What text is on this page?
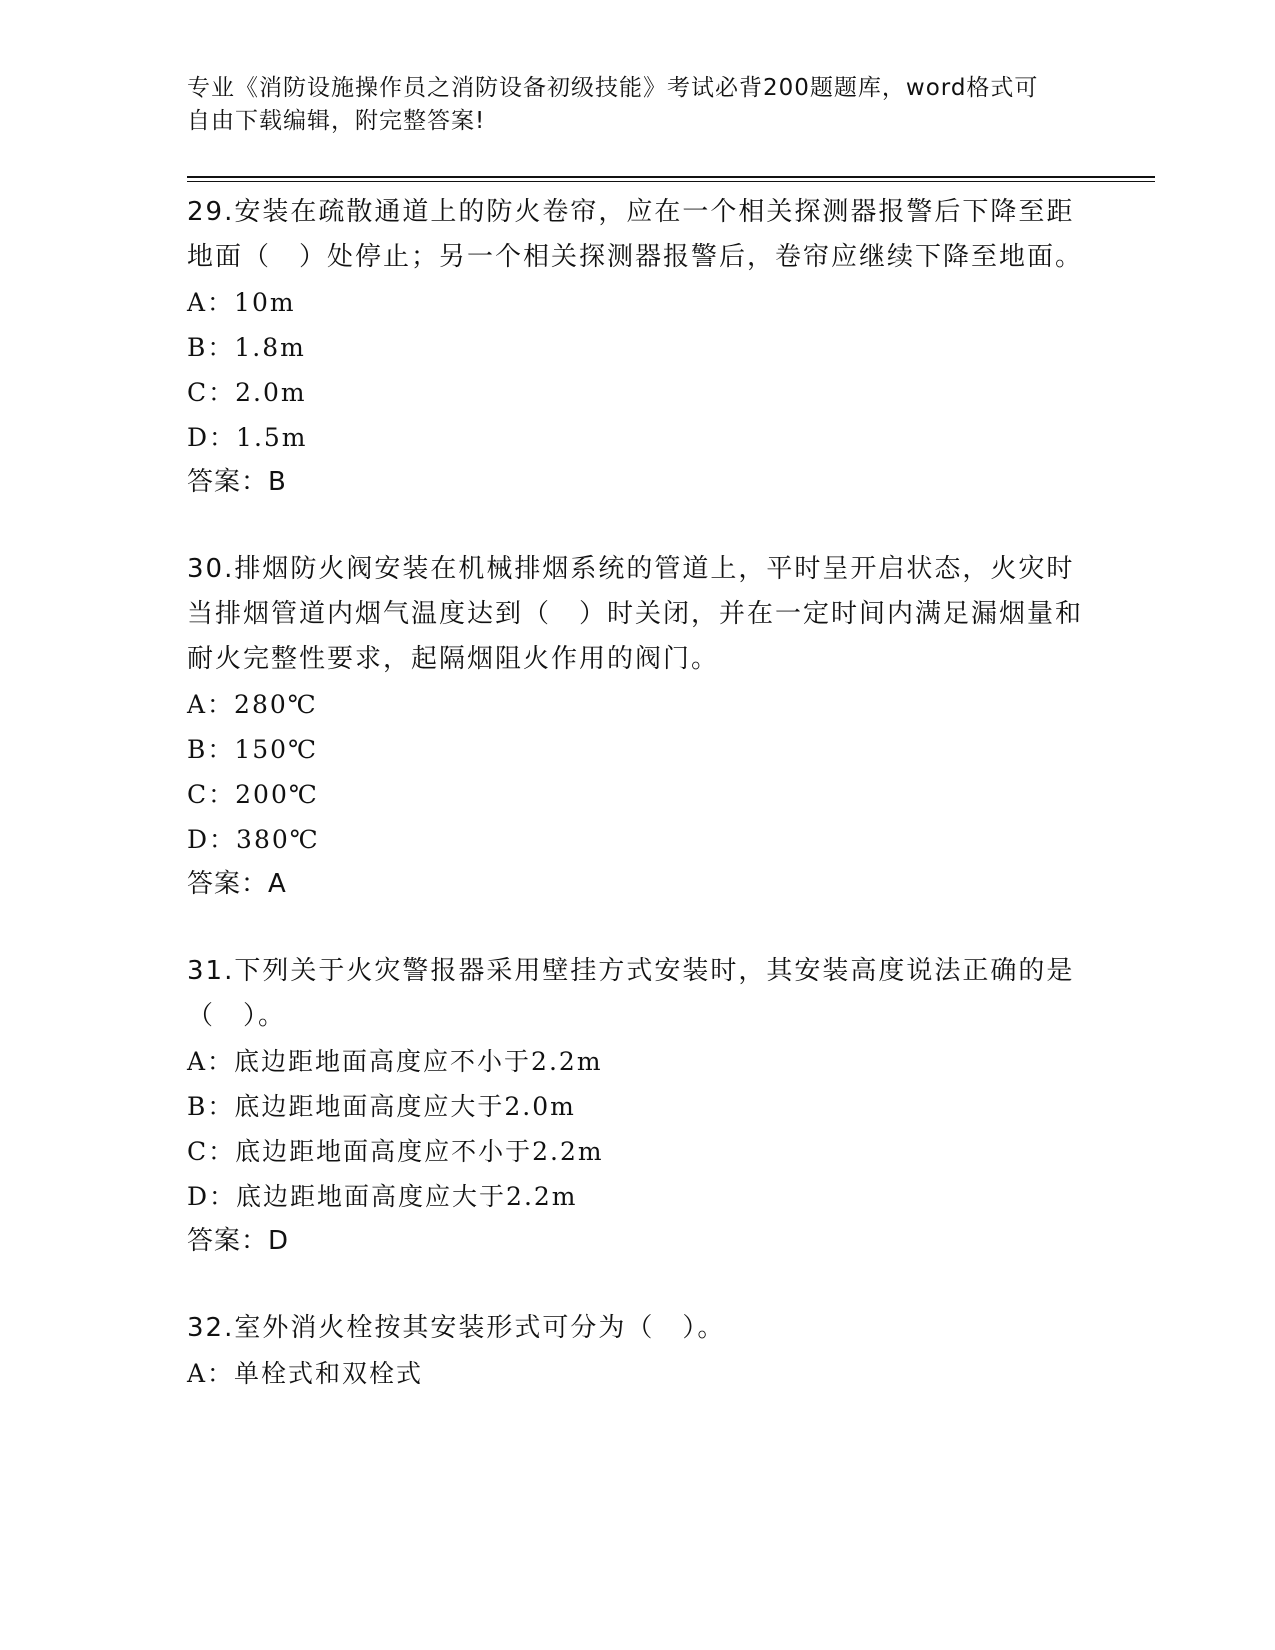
专业《消防设施操作员之消防设备初级技能》考试必背200题题库，word格式可
自由下载编辑，附完整答案!
29.安装在疏散通道上的防火卷帘，应在一个相关探测器报警后下降至距地面（　）处停止；另一个相关探测器报警后，卷帘应继续下降至地面。
A：10m
B：1.8m
C：2.0m
D：1.5m
答案：B
30.排烟防火阀安装在机械排烟系统的管道上，平时呈开启状态，火灾时当排烟管道内烟气温度达到（　）时关闭，并在一定时间内满足漏烟量和耐火完整性要求，起隔烟阻火作用的阀门。
A：280℃
B：150℃
C：200℃
D：380℃
答案：A
31.下列关于火灾警报器采用壁挂方式安装时，其安装高度说法正确的是（　）。
A：底边距地面高度应不小于2.2m
B：底边距地面高度应大于2.0m
C：底边距地面高度应不小于2.2m
D：底边距地面高度应大于2.2m
答案：D
32.室外消火栓按其安装形式可分为（　）。
A：单栓式和双栓式
